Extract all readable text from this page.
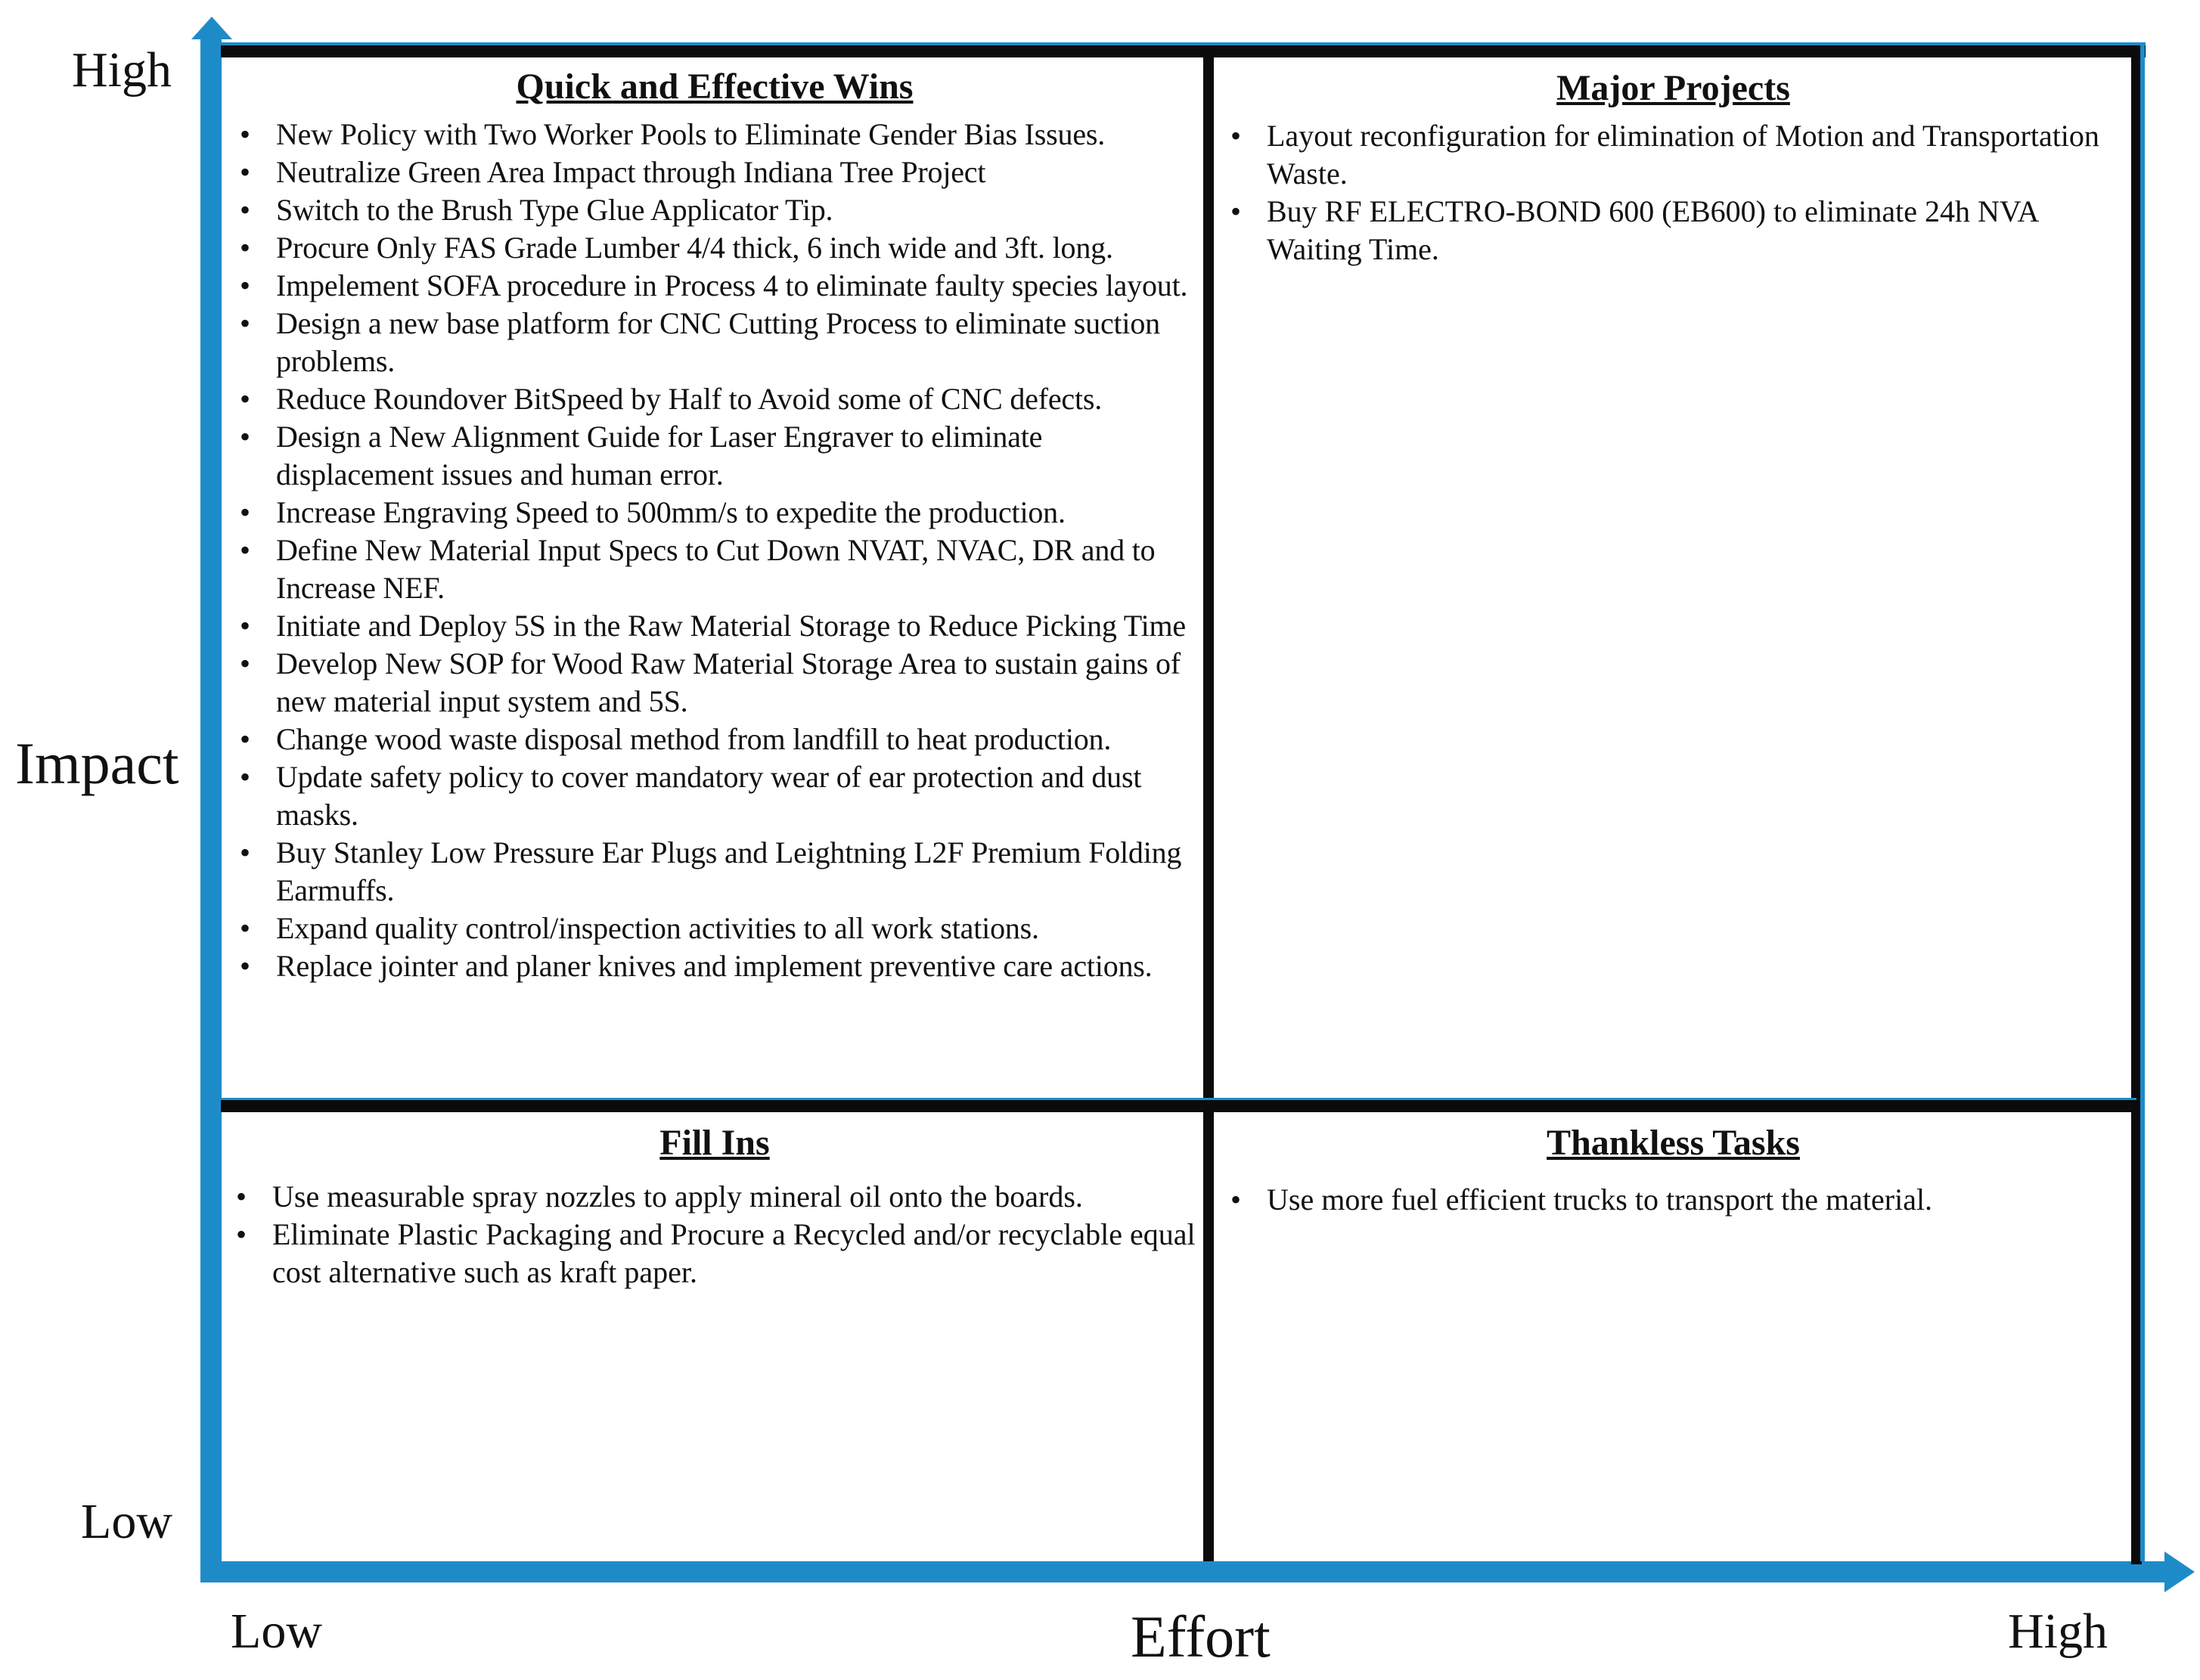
High
Impact
Low
Low	Effort	High

Quick and Effective Wins

• New Policy with Two Worker Pools to Eliminate Gender Bias Issues.
• Neutralize Green Area Impact through Indiana Tree Project
• Switch to the Brush Type Glue Applicator Tip.
• Procure Only FAS Grade Lumber 4/4 thick, 6 inch wide and 3ft. long.
• Impelement SOFA procedure in Process 4 to eliminate faulty species layout.
• Design a new base platform for CNC Cutting Process to eliminate suction problems.
• Reduce Roundover BitSpeed by Half to Avoid some of CNC defects.
• Design a New Alignment Guide for Laser Engraver to eliminate displacement issues and human error.
• Increase Engraving Speed to 500mm/s to expedite the production.
• Define New Material Input Specs to Cut Down NVAT, NVAC, DR and to Increase NEF.
• Initiate and Deploy 5S in the Raw Material Storage to Reduce Picking Time
• Develop New SOP for Wood Raw Material Storage Area to sustain gains of new material input system and 5S.
• Change wood waste disposal method from landfill to heat production.
• Update safety policy to cover mandatory wear of ear protection and dust masks.
• Buy Stanley Low Pressure Ear Plugs and Leightning L2F Premium Folding Earmuffs.
• Expand quality control/inspection activities to all work stations.
• Replace jointer and planer knives and implement preventive care actions.

Major Projects

• Layout reconfiguration for elimination of Motion and Transportation Waste.
• Buy RF ELECTRO-BOND 600 (EB600) to eliminate 24h NVA Waiting Time.

Fill Ins

• Use measurable spray nozzles to apply mineral oil onto the boards.
• Eliminate Plastic Packaging and Procure a Recycled and/or recyclable equal cost alternative such as kraft paper.

Thankless Tasks

• Use more fuel efficient trucks to transport the material.
